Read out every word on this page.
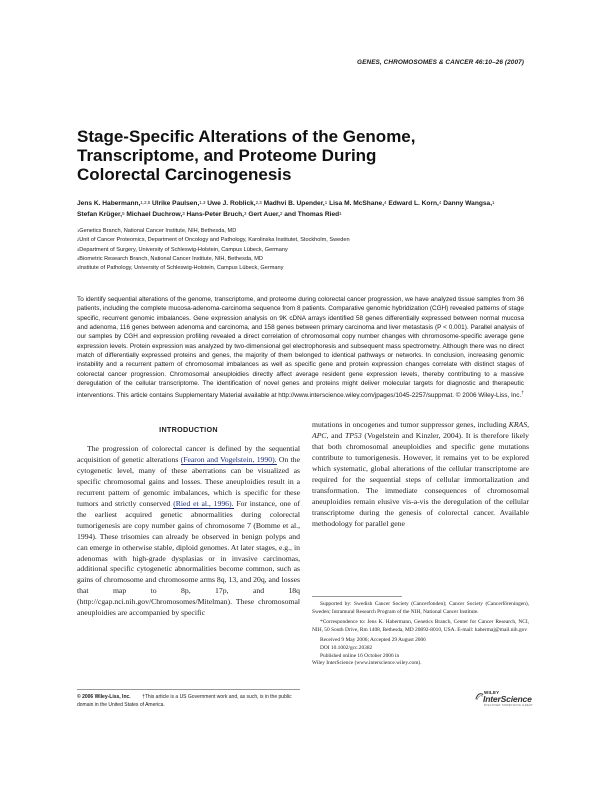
GENES, CHROMOSOMES & CANCER 46:10–26 (2007)
Stage-Specific Alterations of the Genome,
Transcriptome, and Proteome During
Colorectal Carcinogenesis
Jens K. Habermann,$^{1,2,5}$ Ulrike Paulsen,$^{1,3}$ Uwe J. Roblick,$^{2,3}$ Madhvi B. Upender,$^1$ Lisa M. McShane,$^4$ Edward L. Korn,$^4$ Danny Wangsa,$^1$ Stefan Krüger,$^5$ Michael Duchrow,$^3$ Hans-Peter Bruch,$^3$ Gert Auer,$^2$ and Thomas Ried$^1$
$^1$Genetics Branch, National Cancer Institute, NIH, Bethesda, MD
$^2$Unit of Cancer Proteomics, Department of Oncology and Pathology, Karolinska Institutet, Stockholm, Sweden
$^3$Department of Surgery, University of Schleswig-Holstein, Campus Lübeck, Germany
$^4$Biometric Research Branch, National Cancer Institute, NIH, Bethesda, MD
$^5$Institute of Pathology, University of Schleswig-Holstein, Campus Lübeck, Germany

To identify sequential alterations of the genome, transcriptome, and proteome during colorectal cancer progression, we have analyzed tissue samples from 36 patients, including the complete mucosa-adenoma-carcinoma sequence from 8 patients. Comparative genomic hybridization (CGH) revealed patterns of stage specific, recurrent genomic imbalances. Gene expression analysis on 9K cDNA arrays identified 58 genes differentially expressed between normal mucosa and adenoma, 116 genes between adenoma and carcinoma, and 158 genes between primary carcinoma and liver metastasis (P < 0.001). Parallel analysis of our samples by CGH and expression profiling revealed a direct correlation of chromosomal copy number changes with chromosome-specific average gene expression levels. Protein expression was analyzed by two-dimensional gel electrophoresis and subsequent mass spectrometry. Although there was no direct match of differentially expressed proteins and genes, the majority of them belonged to identical pathways or networks. In conclusion, increasing genomic instability and a recurrent pattern of chromosomal imbalances as well as specific gene and protein expression changes correlate with distinct stages of colorectal cancer progression. Chromosomal aneuploidies directly affect average resident gene expression levels, thereby contributing to a massive deregulation of the cellular transcriptome. The identification of novel genes and proteins might deliver molecular targets for diagnostic and therapeutic interventions. This article contains Supplementary Material available at http://www.interscience.wiley.com/jpages/1045-2257/suppmat. © 2006 Wiley-Liss, Inc.†

INTRODUCTION

The progression of colorectal cancer is defined by the sequential acquisition of genetic alterations (Fearon and Vogelstein, 1990). On the cytogenetic level, many of these aberrations can be visualized as specific chromosomal gains and losses. These aneuploidies result in a recurrent pattern of genomic imbalances, which is specific for these tumors and strictly conserved (Ried et al., 1996). For instance, one of the earliest acquired genetic abnormalities during colorectal tumorigenesis are copy number gains of chromosome 7 (Bomme et al., 1994). These trisomies can already be observed in benign polyps and can emerge in otherwise stable, diploid genomes. At later stages, e.g., in adenomas with high-grade dysplasias or in invasive carcinomas, additional specific cytogenetic abnormalities become common, such as gains of chromosome and chromosome arms 8q, 13, and 20q, and losses that map to 8p, 17p, and 18q (http://cgap.nci.nih.gov/Chromosomes/Mitelman). These chromosomal aneuploidies are accompanied by specific

mutations in oncogenes and tumor suppressor genes, including KRAS, APC, and TP53 (Vogelstein and Kinzler, 2004). It is therefore likely that both chromosomal aneuploidies and specific gene mutations contribute to tumorigenesis. However, it remains yet to be explored which systematic, global alterations of the cellular transcriptome are required for the sequential steps of cellular immortalization and transformation. The immediate consequences of chromosomal aneuploidies remain elusive vis-a-vis the deregulation of the cellular transcriptome during the genesis of colorectal cancer. Available methodology for parallel gene

Supported by: Swedish Cancer Society (Cancerfonden); Cancer Society (Cancerföreningen), Sweden; Intramural Research Program of the NIH, National Cancer Institute.

*Correspondence to: Jens K. Habermann, Genetics Branch, Center for Cancer Research, NCI, NIH, 50 South Drive, Rm 1408, Bethesda, MD 20892-8010, USA. E-mail: habermaj@mail.nih.gov

Received 9 May 2006; Accepted 29 August 2006
DOI 10.1002/gcc.20382
Published online 16 October 2006 in
Wiley InterScience (www.interscience.wiley.com).
© 2006 Wiley-Liss, Inc. †This article is a US Government work and, as such, is in the public domain in the United States of America.
WILEY
InterScience
DISCOVER SOMETHING GREAT
